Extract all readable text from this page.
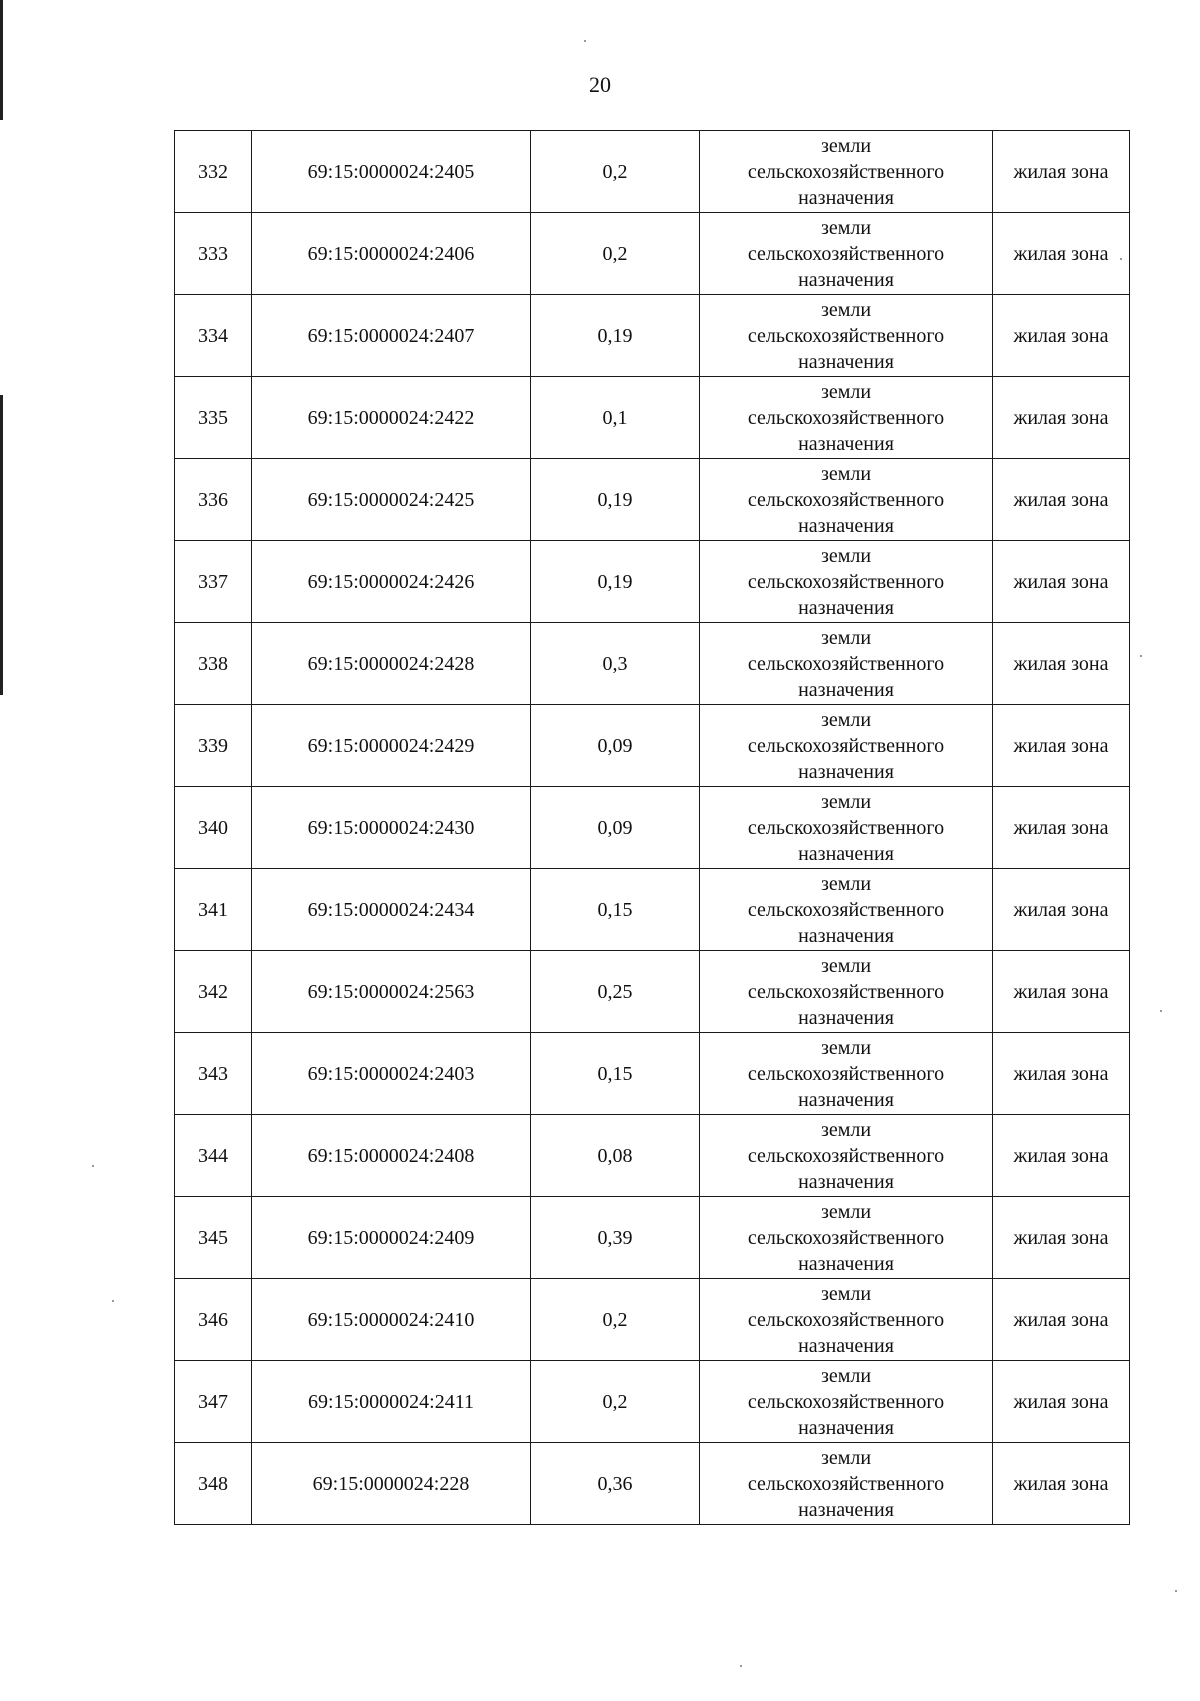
20
332	69:15:0000024:2405	0,2	земли
сельскохозяйственного
назначения	жилая зона
333	69:15:0000024:2406	0,2	земли
сельскохозяйственного
назначения	жилая зона
334	69:15:0000024:2407	0,19	земли
сельскохозяйственного
назначения	жилая зона
335	69:15:0000024:2422	0,1	земли
сельскохозяйственного
назначения	жилая зона
336	69:15:0000024:2425	0,19	земли
сельскохозяйственного
назначения	жилая зона
337	69:15:0000024:2426	0,19	земли
сельскохозяйственного
назначения	жилая зона
338	69:15:0000024:2428	0,3	земли
сельскохозяйственного
назначения	жилая зона
339	69:15:0000024:2429	0,09	земли
сельскохозяйственного
назначения	жилая зона
340	69:15:0000024:2430	0,09	земли
сельскохозяйственного
назначения	жилая зона
341	69:15:0000024:2434	0,15	земли
сельскохозяйственного
назначения	жилая зона
342	69:15:0000024:2563	0,25	земли
сельскохозяйственного
назначения	жилая зона
343	69:15:0000024:2403	0,15	земли
сельскохозяйственного
назначения	жилая зона
344	69:15:0000024:2408	0,08	земли
сельскохозяйственного
назначения	жилая зона
345	69:15:0000024:2409	0,39	земли
сельскохозяйственного
назначения	жилая зона
346	69:15:0000024:2410	0,2	земли
сельскохозяйственного
назначения	жилая зона
347	69:15:0000024:2411	0,2	земли
сельскохозяйственного
назначения	жилая зона
348	69:15:0000024:228	0,36	земли
сельскохозяйственного
назначения	жилая зона
